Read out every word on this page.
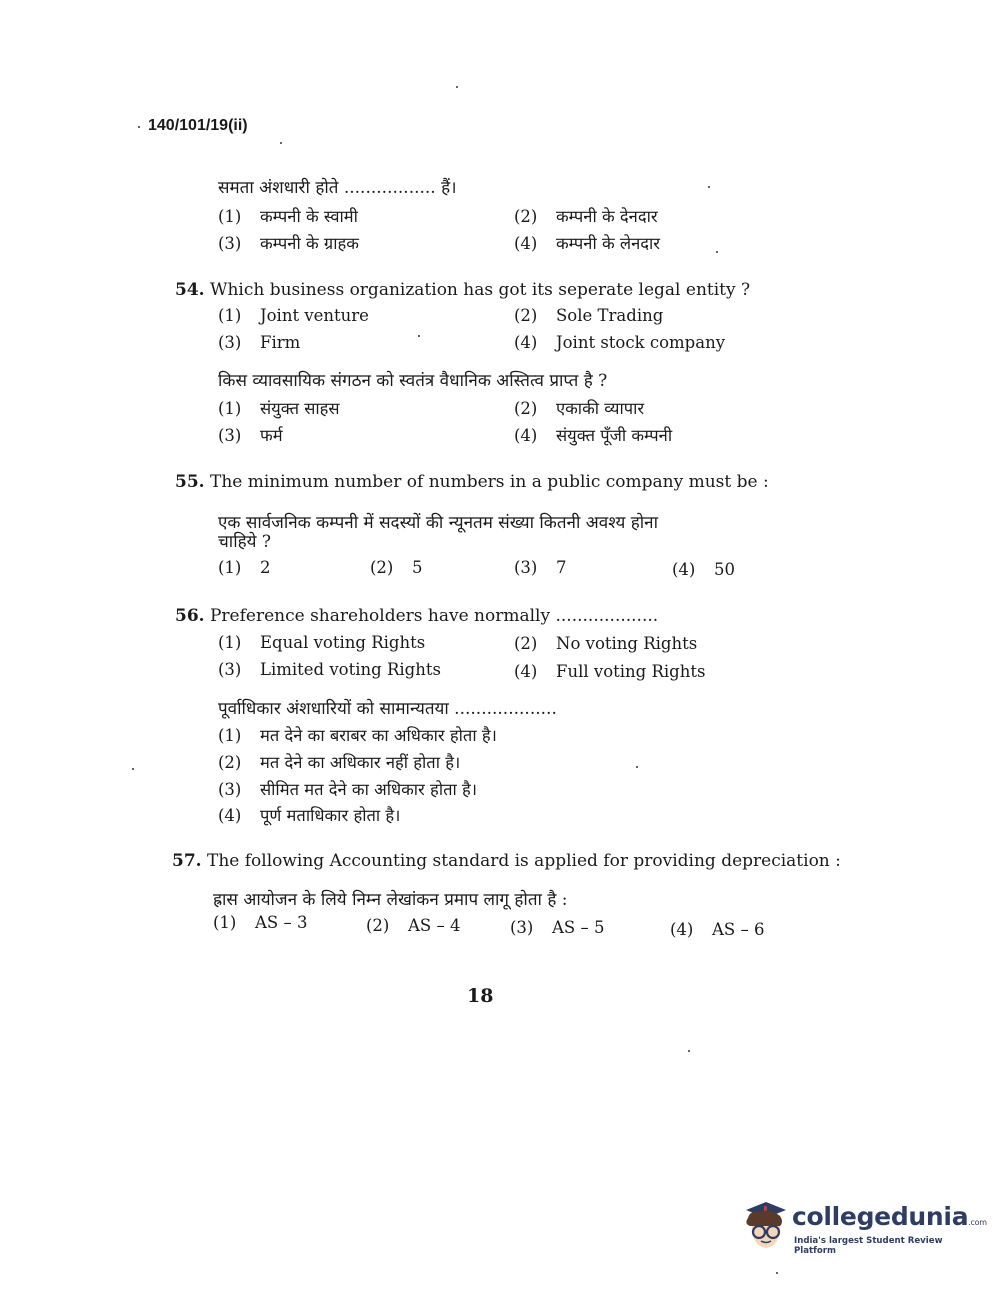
140/101/19(ii)
समता अंशधारी होते ................. हैं।
(1) कम्पनी के स्वामी	(2) कम्पनी के देनदार
(3) कम्पनी के ग्राहक	(4) कम्पनी के लेनदार
54. Which business organization has got its seperate legal entity ?
(1) Joint venture	(2) Sole Trading
(3) Firm	(4) Joint stock company
किस व्यावसायिक संगठन को स्वतंत्र वैधानिक अस्तित्व प्राप्त है ?
(1) संयुक्त साहस	(2) एकाकी व्यापार
(3) फर्म	(4) संयुक्त पूँजी कम्पनी
55. The minimum number of numbers in a public company must be :
एक सार्वजनिक कम्पनी में सदस्यों की न्यूनतम संख्या कितनी अवश्य होना
चाहिये ?
(1) 2	(2) 5	(3) 7	(4) 50
56. Preference shareholders have normally ...................
(1) Equal voting Rights	(2) No voting Rights
(3) Limited voting Rights	(4) Full voting Rights
पूर्वाधिकार अंशधारियों को सामान्यतया ...................
(1) मत देने का बराबर का अधिकार होता है।
(2) मत देने का अधिकार नहीं होता है।
(3) सीमित मत देने का अधिकार होता है।
(4) पूर्ण मताधिकार होता है।
57. The following Accounting standard is applied for providing depreciation :
ह्रास आयोजन के लिये निम्न लेखांकन प्रमाप लागू होता है :
(1) AS – 3	(2) AS – 4	(3) AS – 5	(4) AS – 6
18
collegedunia.com
India's largest Student Review Platform
